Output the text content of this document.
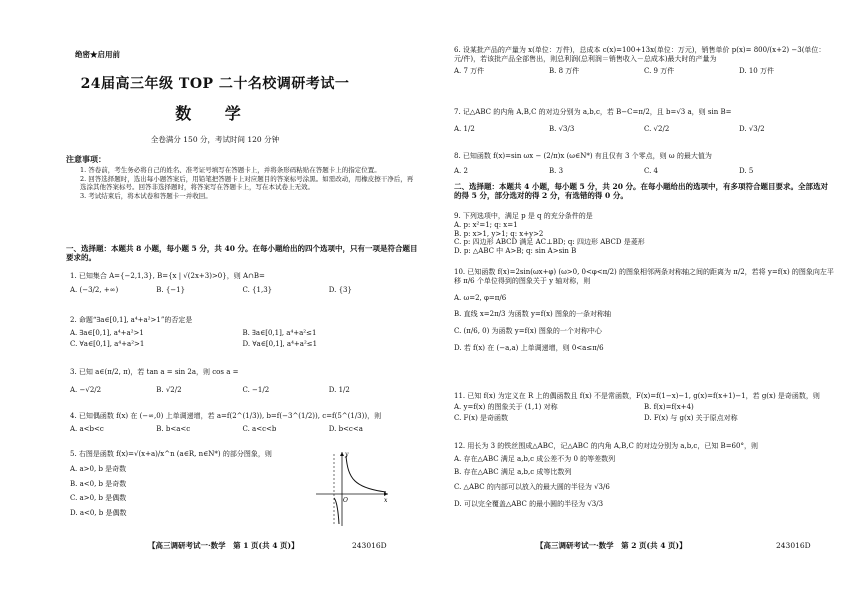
绝密★启用前
24届高三年级 TOP 二十名校调研考试一
数 学
全卷满分 150 分，考试时间 120 分钟
注意事项：

1. 答卷前，考生务必将自己的姓名、准考证号填写在答题卡上，并将条形码粘贴在答题卡上的指定位置。

2. 回答选择题时，选出每小题答案后，用铅笔把答题卡上对应题目的答案标号涂黑。如需改动，用橡皮擦干净后，再选涂其他答案标号。回答非选择题时，将答案写在答题卡上，写在本试卷上无效。

3. 考试结束后，将本试卷和答题卡一并收回。

一、选择题：本题共 8 小题，每小题 5 分，共 40 分。在每小题给出的四个选项中，只有一项是符合题目要求的。

1. 已知集合 A={−2,1,3}, B={x | √(2x+3)>0}，则 A∩B=

A. (−3/2, +∞)	B. {−1}	C. {1,3}	D. {3}

2. 命题“∃a∈[0,1], a⁴+a²>1”的否定是

A. ∃a∈[0,1], a⁴+a²>1	B. ∃a∈[0,1], a⁴+a²≤1
C. ∀a∈[0,1], a⁴+a²>1	D. ∀a∈[0,1], a⁴+a²≤1

3. 已知 a∈(π/2, π)，若 tan a = sin 2a，则 cos a =

A. −√2/2	B. √2/2	C. −1/2	D. 1/2

4. 已知偶函数 f(x) 在 (−∞,0) 上单调递增，若 a=f(2^(1/3)), b=f(−3^(1/2)), c=f(5^(1/3))，则

A. a<b<c	B. b<a<c	C. a<c<b	D. b<c<a

5. 右图是函数 f(x)=√(x+a)/x^n (a∈R, n∈N*) 的部分图象，则

A. a>0, b 是奇数

B. a<0, b 是奇数

C. a>0, b 是偶数

D. a<0, b 是偶数

y
x
O
【高三调研考试一·数学　第 1 页(共 4 页)】	243016D

6. 设某批产品的产量为 x(单位：万件)，总成本 c(x)=100+13x(单位：万元)，销售单价 p(x)= 800/(x+2) −3(单位：元/件)，若该批产品全部售出，则总利润(总利润＝销售收入－总成本)最大时的产量为

A. 7 万件	B. 8 万件	C. 9 万件	D. 10 万件

7. 记△ABC 的内角 A,B,C 的对边分别为 a,b,c，若 B−C=π/2，且 b=√3 a，则 sin B=

A. 1/2	B. √3/3	C. √2/2	D. √3/2

8. 已知函数 f(x)=sin ωx − (2/π)x (ω∈N*) 有且仅有 3 个零点，则 ω 的最大值为

A. 2	B. 3	C. 4	D. 5

二、选择题：本题共 4 小题，每小题 5 分，共 20 分。在每小题给出的选项中，有多项符合题目要求。全部选对的得 5 分，部分选对的得 2 分，有选错的得 0 分。

9. 下列选项中，满足 p 是 q 的充分条件的是

A. p: x²=1; q: x=1

B. p: x>1, y>1; q: x+y>2

C. p: 四边形 ABCD 满足 AC⊥BD; q: 四边形 ABCD 是菱形

D. p: △ABC 中 A>B; q: sin A>sin B

10. 已知函数 f(x)=2sin(ωx+φ) (ω>0, 0<φ<π/2) 的图象相邻两条对称轴之间的距离为 π/2，若将 y=f(x) 的图象向左平移 π/6 个单位得到的图象关于 y 轴对称，则

A. ω=2, φ=π/6

B. 直线 x=2π/3 为函数 y=f(x) 图象的一条对称轴

C. (π/6, 0) 为函数 y=f(x) 图象的一个对称中心

D. 若 f(x) 在 (−a,a) 上单调递增，则 0<a≤π/6

11. 已知 f(x) 为定义在 R 上的偶函数且 f(x) 不是常函数，F(x)=f(1−x)−1, g(x)=f(x+1)−1，若 g(x) 是奇函数，则

A. y=f(x) 的图象关于 (1,1) 对称	B. f(x)=f(x+4)
C. F(x) 是奇函数	D. F(x) 与 g(x) 关于原点对称

12. 用长为 3 的铁丝围成△ABC，记△ABC 的内角 A,B,C 的对边分别为 a,b,c，已知 B=60°，则

A. 存在△ABC 满足 a,b,c 成公差不为 0 的等差数列

B. 存在△ABC 满足 a,b,c 成等比数列

C. △ABC 的内部可以放入的最大圆的半径为 √3/6

D. 可以完全覆盖△ABC 的最小圆的半径为 √3/3

【高三调研考试一·数学　第 2 页(共 4 页)】	243016D
